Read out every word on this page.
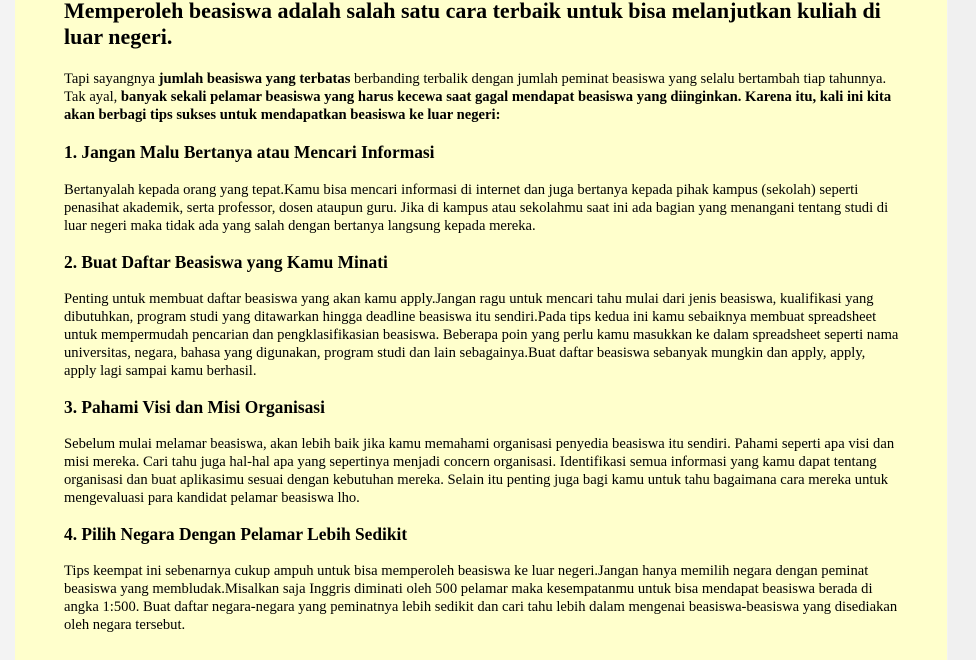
Memperoleh beasiswa adalah salah satu cara terbaik untuk bisa melanjutkan kuliah di luar negeri.

Tapi sayangnya jumlah beasiswa yang terbatas berbanding terbalik dengan jumlah peminat beasiswa yang selalu bertambah tiap tahunnya. Tak ayal, banyak sekali pelamar beasiswa yang harus kecewa saat gagal mendapat beasiswa yang diinginkan. Karena itu, kali ini kita akan berbagi tips sukses untuk mendapatkan beasiswa ke luar negeri:

1. Jangan Malu Bertanya atau Mencari Informasi

Bertanyalah kepada orang yang tepat.Kamu bisa mencari informasi di internet dan juga bertanya kepada pihak kampus (sekolah) seperti penasihat akademik, serta professor, dosen ataupun guru. Jika di kampus atau sekolahmu saat ini ada bagian yang menangani tentang studi di luar negeri maka tidak ada yang salah dengan bertanya langsung kepada mereka.

2. Buat Daftar Beasiswa yang Kamu Minati

Penting untuk membuat daftar beasiswa yang akan kamu apply.Jangan ragu untuk mencari tahu mulai dari jenis beasiswa, kualifikasi yang dibutuhkan, program studi yang ditawarkan hingga deadline beasiswa itu sendiri.Pada tips kedua ini kamu sebaiknya membuat spreadsheet untuk mempermudah pencarian dan pengklasifikasian beasiswa. Beberapa poin yang perlu kamu masukkan ke dalam spreadsheet seperti nama universitas, negara, bahasa yang digunakan, program studi dan lain sebagainya.Buat daftar beasiswa sebanyak mungkin dan apply, apply, apply lagi sampai kamu berhasil.

3. Pahami Visi dan Misi Organisasi

Sebelum mulai melamar beasiswa, akan lebih baik jika kamu memahami organisasi penyedia beasiswa itu sendiri. Pahami seperti apa visi dan misi mereka. Cari tahu juga hal-hal apa yang sepertinya menjadi concern organisasi. Identifikasi semua informasi yang kamu dapat tentang organisasi dan buat aplikasimu sesuai dengan kebutuhan mereka. Selain itu penting juga bagi kamu untuk tahu bagaimana cara mereka untuk mengevaluasi para kandidat pelamar beasiswa lho.

4. Pilih Negara Dengan Pelamar Lebih Sedikit

Tips keempat ini sebenarnya cukup ampuh untuk bisa memperoleh beasiswa ke luar negeri.Jangan hanya memilih negara dengan peminat beasiswa yang membludak.Misalkan saja Inggris diminati oleh 500 pelamar maka kesempatanmu untuk bisa mendapat beasiswa berada di angka 1:500. Buat daftar negara-negara yang peminatnya lebih sedikit dan cari tahu lebih dalam mengenai beasiswa-beasiswa yang disediakan oleh negara tersebut.
